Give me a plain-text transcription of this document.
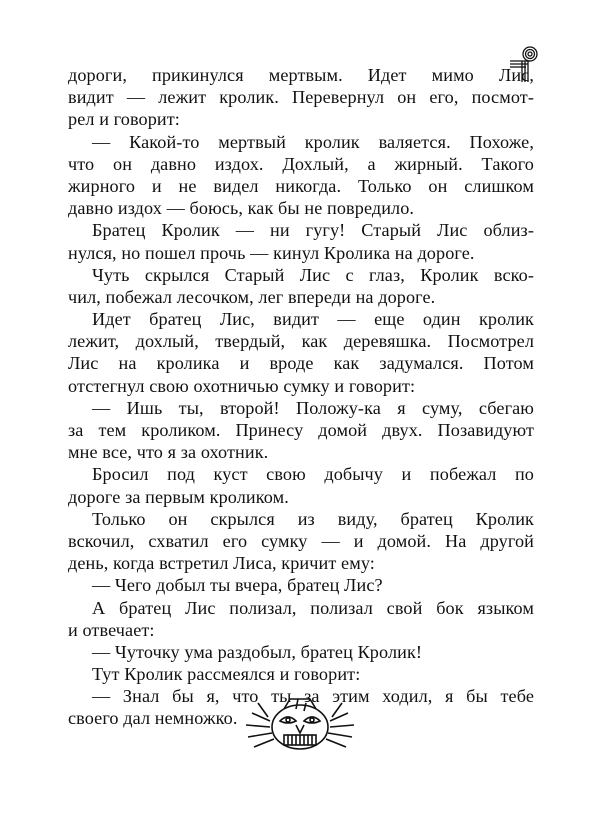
дороги, прикинулся мертвым. Идет мимо Лис,
видит — лежит кролик. Перевернул он его, посмот-
рел и говорит:
— Какой-то мертвый кролик валяется. Похоже,
что он давно издох. Дохлый, а жирный. Такого
жирного и не видел никогда. Только он слишком
давно издох — боюсь, как бы не повредило.
Братец Кролик — ни гугу! Старый Лис облиз-
нулся, но пошел прочь — кинул Кролика на дороге.
Чуть скрылся Старый Лис с глаз, Кролик вско-
чил, побежал лесочком, лег впереди на дороге.
Идет братец Лис, видит — еще один кролик
лежит, дохлый, твердый, как деревяшка. Посмотрел
Лис на кролика и вроде как задумался. Потом
отстегнул свою охотничью сумку и говорит:
— Ишь ты, второй! Положу-ка я суму, сбегаю
за тем кроликом. Принесу домой двух. Позавидуют
мне все, что я за охотник.
Бросил под куст свою добычу и побежал по
дороге за первым кроликом.
Только он скрылся из виду, братец Кролик
вскочил, схватил его сумку — и домой. На другой
день, когда встретил Лиса, кричит ему:
— Чего добыл ты вчера, братец Лис?
А братец Лис полизал, полизал свой бок языком
и отвечает:
— Чуточку ума раздобыл, братец Кролик!
Тут Кролик рассмеялся и говорит:
— Знал бы я, что ты за этим ходил, я бы тебе
своего дал немножко.
